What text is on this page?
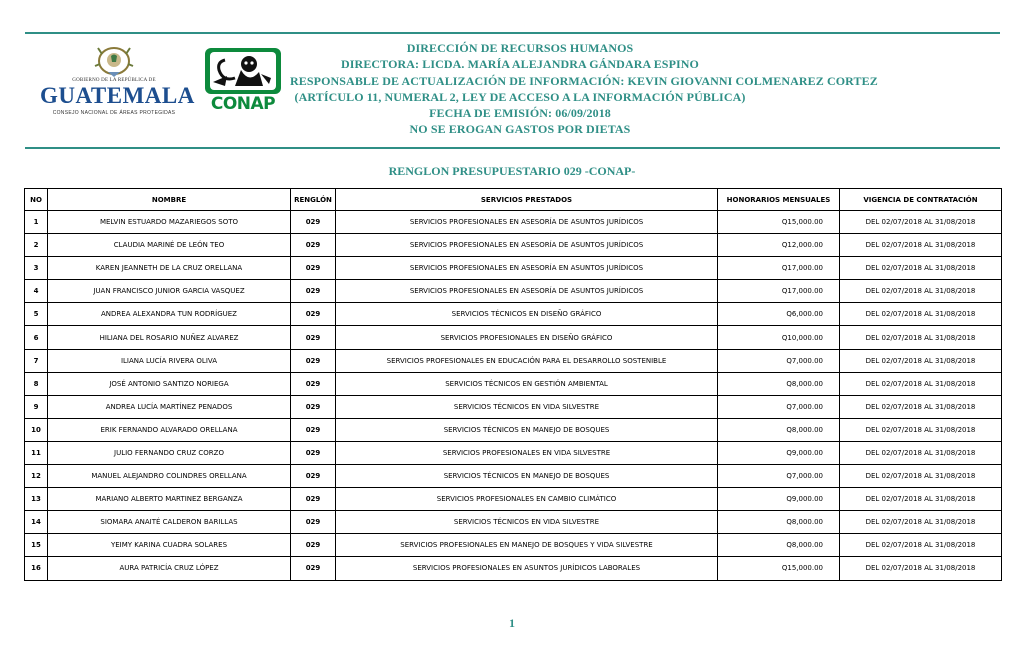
GOBIERNO DE LA REPÚBLICA DE
GUATEMALA
CONSEJO NACIONAL DE ÁREAS PROTEGIDAS	CONAP
DIRECCIÓN DE RECURSOS HUMANOS
DIRECTORA: LICDA. MARÍA ALEJANDRA GÁNDARA ESPINO
RESPONSABLE DE ACTUALIZACIÓN DE INFORMACIÓN: KEVIN GIOVANNI COLMENAREZ CORTEZ
(ARTÍCULO 11, NUMERAL 2, LEY DE ACCESO A LA INFORMACIÓN PÚBLICA)
FECHA DE EMISIÓN: 06/09/2018
NO SE EROGAN GASTOS POR DIETAS
RENGLON PRESUPUESTARIO 029 -CONAP-
NO	NOMBRE	RENGLÓN	SERVICIOS PRESTADOS	HONORARIOS MENSUALES	VIGENCIA DE CONTRATACIÓN
1	MELVIN ESTUARDO MAZARIEGOS SOTO	029	SERVICIOS PROFESIONALES EN ASESORÍA DE ASUNTOS JURÍDICOS	Q15,000.00	DEL 02/07/2018 AL 31/08/2018
2	CLAUDIA MARINÉ DE LEÓN TEO	029	SERVICIOS PROFESIONALES EN ASESORÍA DE ASUNTOS JURÍDICOS	Q12,000.00	DEL 02/07/2018 AL 31/08/2018
3	KAREN JEANNETH DE LA CRUZ ORELLANA	029	SERVICIOS PROFESIONALES EN ASESORÍA EN ASUNTOS JURÍDICOS	Q17,000.00	DEL 02/07/2018 AL 31/08/2018
4	JUAN FRANCISCO JUNIOR GARCIA VASQUEZ	029	SERVICIOS PROFESIONALES EN ASESORÍA DE ASUNTOS JURÍDICOS	Q17,000.00	DEL 02/07/2018 AL 31/08/2018
5	ANDREA ALEXANDRA TUN RODRÍGUEZ	029	SERVICIOS TÉCNICOS EN DISEÑO GRÁFICO	Q6,000.00	DEL 02/07/2018 AL 31/08/2018
6	HILIANA DEL ROSARIO NUÑEZ ALVAREZ	029	SERVICIOS PROFESIONALES EN DISEÑO GRÁFICO	Q10,000.00	DEL 02/07/2018 AL 31/08/2018
7	ILIANA LUCÍA RIVERA OLIVA	029	SERVICIOS PROFESIONALES EN EDUCACIÓN PARA EL DESARROLLO SOSTENIBLE	Q7,000.00	DEL 02/07/2018 AL 31/08/2018
8	JOSÉ ANTONIO SANTIZO NORIEGA	029	SERVICIOS TÉCNICOS EN GESTIÓN AMBIENTAL	Q8,000.00	DEL 02/07/2018 AL 31/08/2018
9	ANDREA LUCÍA MARTÍNEZ PENADOS	029	SERVICIOS TÉCNICOS EN VIDA SILVESTRE	Q7,000.00	DEL 02/07/2018 AL 31/08/2018
10	ERIK FERNANDO ALVARADO ORELLANA	029	SERVICIOS TÉCNICOS EN MANEJO DE BOSQUES	Q8,000.00	DEL 02/07/2018 AL 31/08/2018
11	JULIO FERNANDO CRUZ CORZO	029	SERVICIOS PROFESIONALES EN VIDA SILVESTRE	Q9,000.00	DEL 02/07/2018 AL 31/08/2018
12	MANUEL ALEJANDRO COLINDRES ORELLANA	029	SERVICIOS TÉCNICOS EN MANEJO DE BOSQUES	Q7,000.00	DEL 02/07/2018 AL 31/08/2018
13	MARIANO ALBERTO MARTINEZ BERGANZA	029	SERVICIOS PROFESIONALES EN CAMBIO CLIMÁTICO	Q9,000.00	DEL 02/07/2018 AL 31/08/2018
14	SIOMARA ANAITÉ CALDERON BARILLAS	029	SERVICIOS TÉCNICOS EN VIDA SILVESTRE	Q8,000.00	DEL 02/07/2018 AL 31/08/2018
15	YEIMY KARINA CUADRA SOLARES	029	SERVICIOS PROFESIONALES EN MANEJO DE BOSQUES Y VIDA SILVESTRE	Q8,000.00	DEL 02/07/2018 AL 31/08/2018
16	AURA PATRICÍA CRUZ LÓPEZ	029	SERVICIOS PROFESIONALES EN ASUNTOS JURÍDICOS LABORALES	Q15,000.00	DEL 02/07/2018 AL 31/08/2018
1
